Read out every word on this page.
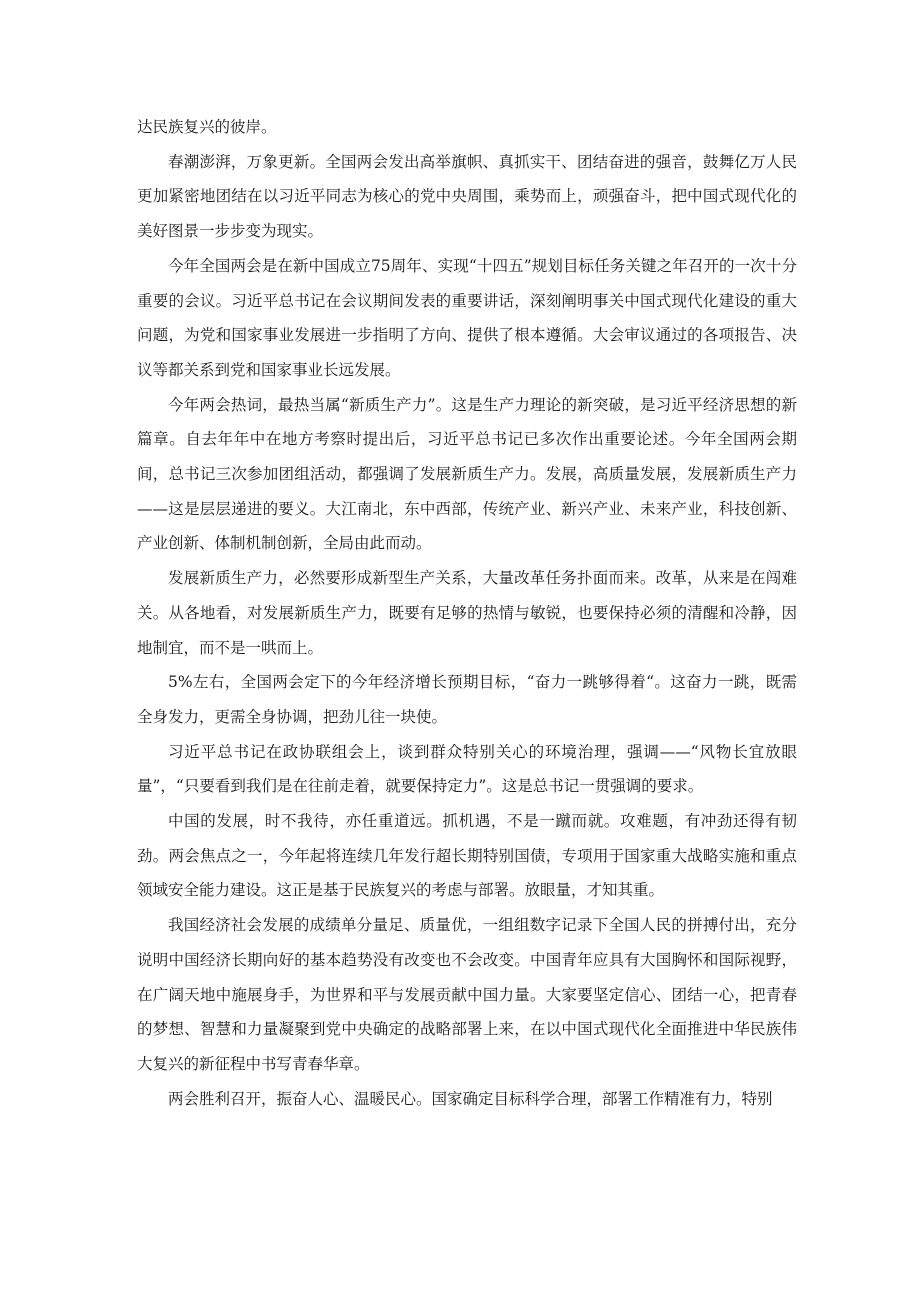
达民族复兴的彼岸。

春潮澎湃，万象更新。全国两会发出高举旗帜、真抓实干、团结奋进的强音，鼓舞亿万人民更加紧密地团结在以习近平同志为核心的党中央周围，乘势而上，顽强奋斗，把中国式现代化的美好图景一步步变为现实。

今年全国两会是在新中国成立75周年、实现“十四五”规划目标任务关键之年召开的一次十分重要的会议。习近平总书记在会议期间发表的重要讲话，深刻阐明事关中国式现代化建设的重大问题，为党和国家事业发展进一步指明了方向、提供了根本遵循。大会审议通过的各项报告、决议等都关系到党和国家事业长远发展。

今年两会热词，最热当属“新质生产力”。这是生产力理论的新突破，是习近平经济思想的新篇章。自去年年中在地方考察时提出后，习近平总书记已多次作出重要论述。今年全国两会期间，总书记三次参加团组活动，都强调了发展新质生产力。发展，高质量发展，发展新质生产力——这是层层递进的要义。大江南北，东中西部，传统产业、新兴产业、未来产业，科技创新、产业创新、体制机制创新，全局由此而动。

发展新质生产力，必然要形成新型生产关系，大量改革任务扑面而来。改革，从来是在闯难关。从各地看，对发展新质生产力，既要有足够的热情与敏锐，也要保持必须的清醒和冷静，因地制宜，而不是一哄而上。

5%左右，全国两会定下的今年经济增长预期目标，“奋力一跳够得着“。这奋力一跳，既需全身发力，更需全身协调，把劲儿往一块使。

习近平总书记在政协联组会上，谈到群众特别关心的环境治理，强调——“风物长宜放眼量”，“只要看到我们是在往前走着，就要保持定力”。这是总书记一贯强调的要求。

中国的发展，时不我待，亦任重道远。抓机遇，不是一蹴而就。攻难题，有冲劲还得有韧劲。两会焦点之一，今年起将连续几年发行超长期特别国债，专项用于国家重大战略实施和重点领域安全能力建设。这正是基于民族复兴的考虑与部署。放眼量，才知其重。

我国经济社会发展的成绩单分量足、质量优，一组组数字记录下全国人民的拼搏付出，充分说明中国经济长期向好的基本趋势没有改变也不会改变。中国青年应具有大国胸怀和国际视野，在广阔天地中施展身手，为世界和平与发展贡献中国力量。大家要坚定信心、团结一心，把青春的梦想、智慧和力量凝聚到党中央确定的战略部署上来，在以中国式现代化全面推进中华民族伟大复兴的新征程中书写青春华章。

两会胜利召开，振奋人心、温暖民心。国家确定目标科学合理，部署工作精准有力，特别
